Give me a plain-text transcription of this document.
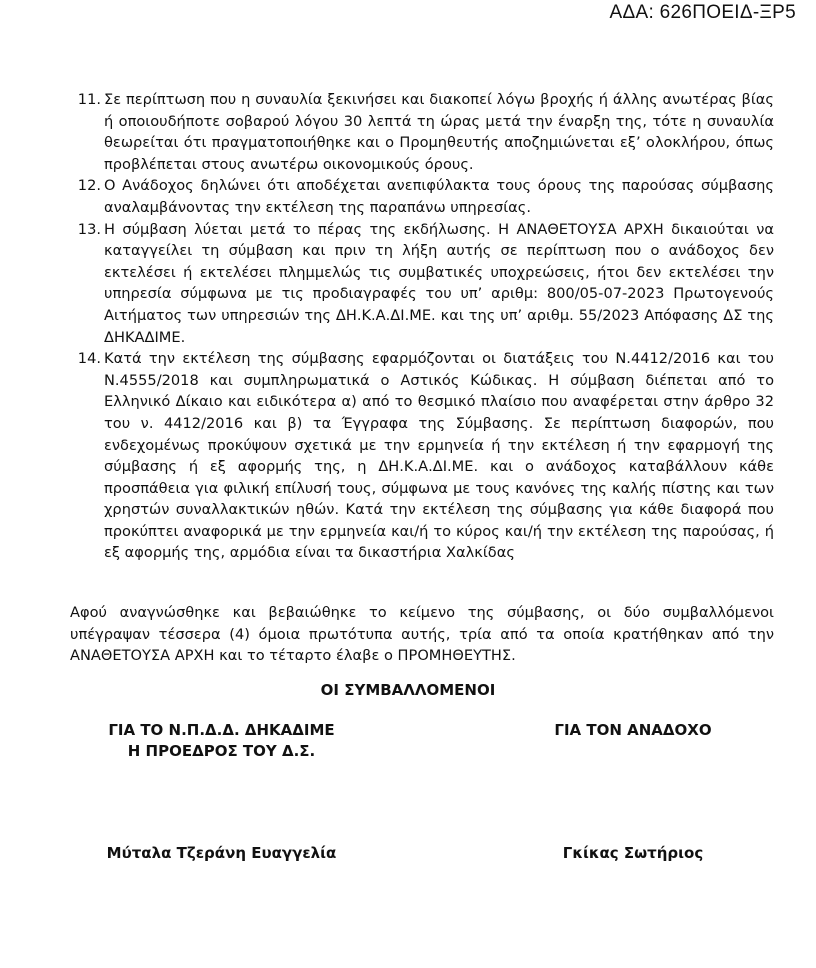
ΑΔΑ: 626ΠΟΕΙΔ-ΞΡ5
11. Σε περίπτωση που η συναυλία ξεκινήσει και διακοπεί λόγω βροχής ή άλλης ανωτέρας βίας ή οποιουδήποτε σοβαρού λόγου 30 λεπτά τη ώρας μετά την έναρξη της, τότε η συναυλία θεωρείται ότι πραγματοποιήθηκε και ο Προμηθευτής αποζημιώνεται εξ’ ολοκλήρου, όπως προβλέπεται στους ανωτέρω οικονομικούς όρους.
12. Ο Ανάδοχος δηλώνει ότι αποδέχεται ανεπιφύλακτα τους όρους της παρούσας σύμβασης αναλαμβάνοντας την εκτέλεση της παραπάνω υπηρεσίας.
13. Η σύμβαση λύεται μετά το πέρας της εκδήλωσης. Η ΑΝΑΘΕΤΟΥΣΑ ΑΡΧΗ δικαιούται να καταγγείλει τη σύμβαση και πριν τη λήξη αυτής σε περίπτωση που ο ανάδοχος δεν εκτελέσει ή εκτελέσει πλημμελώς τις συμβατικές υποχρεώσεις, ήτοι δεν εκτελέσει την υπηρεσία σύμφωνα με τις προδιαγραφές του υπ’ αριθμ: 800/05-07-2023 Πρωτογενούς Αιτήματος των υπηρεσιών της ΔΗ.Κ.Α.ΔΙ.ΜΕ. και της υπ’ αριθμ. 55/2023 Απόφασης ΔΣ της ΔΗΚΑΔΙΜΕ.
14. Κατά την εκτέλεση της σύμβασης εφαρμόζονται οι διατάξεις του Ν.4412/2016 και του Ν.4555/2018 και συμπληρωματικά ο Αστικός Κώδικας. Η σύμβαση διέπεται από το Ελληνικό Δίκαιο και ειδικότερα α) από το θεσμικό πλαίσιο που αναφέρεται στην άρθρο 32 του ν. 4412/2016 και β) τα Έγγραφα της Σύμβασης. Σε περίπτωση διαφορών, που ενδεχομένως προκύψουν σχετικά με την ερμηνεία ή την εκτέλεση ή την εφαρμογή της σύμβασης ή εξ αφορμής της, η ΔΗ.Κ.Α.ΔΙ.ΜΕ. και ο ανάδοχος καταβάλλουν κάθε προσπάθεια για φιλική επίλυσή τους, σύμφωνα με τους κανόνες της καλής πίστης και των χρηστών συναλλακτικών ηθών. Κατά την εκτέλεση της σύμβασης για κάθε διαφορά που προκύπτει αναφορικά με την ερμηνεία και/ή το κύρος και/ή την εκτέλεση της παρούσας, ή εξ αφορμής της, αρμόδια είναι τα δικαστήρια Χαλκίδας
Αφού αναγνώσθηκε και βεβαιώθηκε το κείμενο της σύμβασης, οι δύο συμβαλλόμενοι υπέγραψαν τέσσερα (4) όμοια πρωτότυπα αυτής, τρία από τα οποία κρατήθηκαν από την ΑΝΑΘΕΤΟΥΣΑ ΑΡΧΗ και το τέταρτο έλαβε ο ΠΡΟΜΗΘΕΥΤΗΣ.
ΟΙ ΣΥΜΒΑΛΛΟΜΕΝΟΙ
ΓΙΑ ΤΟ Ν.Π.Δ.Δ. ΔΗΚΑΔΙΜΕ
Η ΠΡΟΕΔΡΟΣ ΤΟΥ Δ.Σ.
ΓΙΑ ΤΟΝ ΑΝΑΔΟΧΟ
Μύταλα Τζεράνη Ευαγγελία	Γκίκας Σωτήριος
